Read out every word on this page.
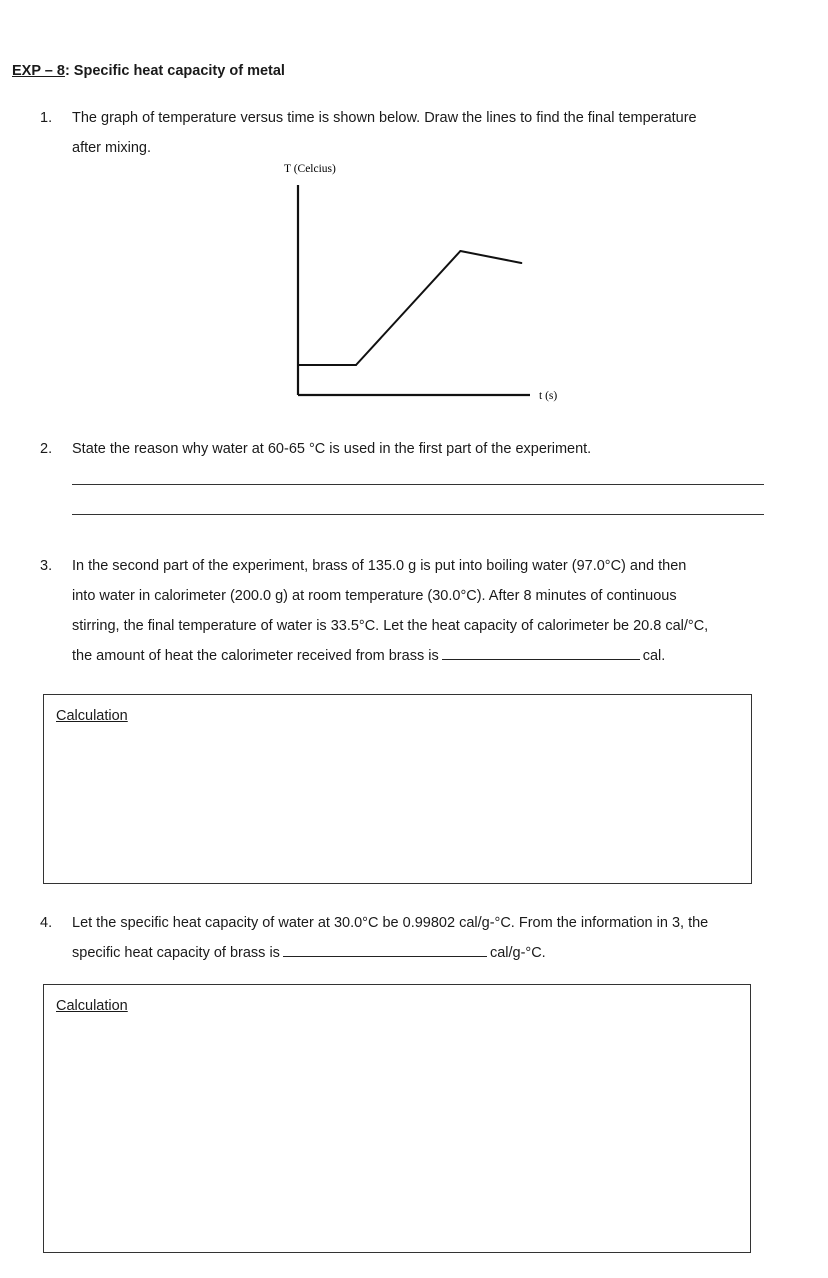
EXP – 8: Specific heat capacity of metal
1. The graph of temperature versus time is shown below. Draw the lines to find the final temperature
after mixing.
T (Celcius)
t (s)
2. State the reason why water at 60-65 °C is used in the first part of the experiment.
3. In the second part of the experiment, brass of 135.0 g is put into boiling water (97.0°C) and then
into water in calorimeter (200.0 g) at room temperature (30.0°C). After 8 minutes of continuous
stirring, the final temperature of water is 33.5°C. Let the heat capacity of calorimeter be 20.8 cal/°C,
the amount of heat the calorimeter received from brass is	cal.
Calculation
4. Let the specific heat capacity of water at 30.0°C be 0.99802 cal/g-°C. From the information in 3, the
specific heat capacity of brass is	cal/g-°C.
Calculation
